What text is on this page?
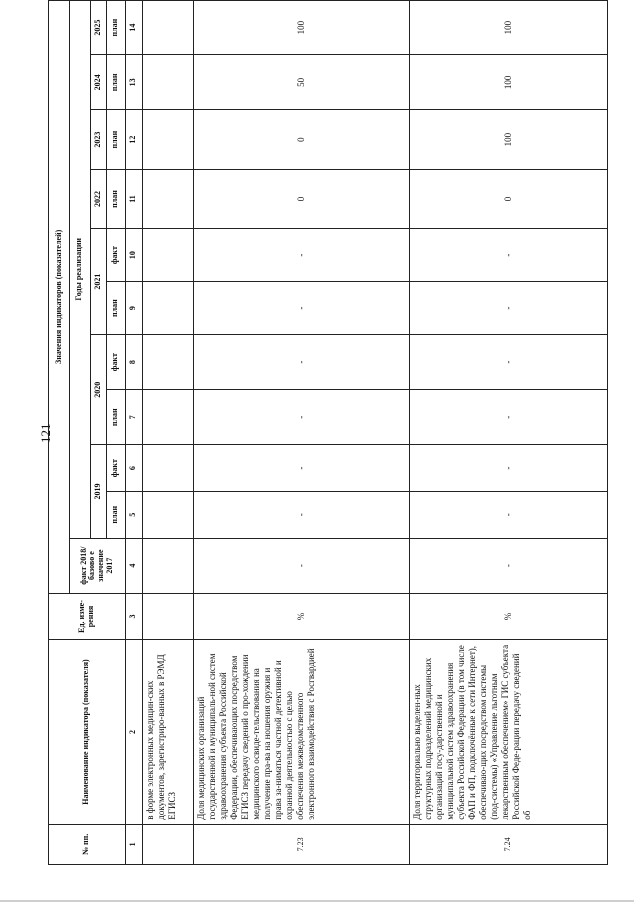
121
№ пп.	Наименование индикатора (показателя)	Ед. изме-рения	Значения индикаторов (показателей)										
			факт 2018/базово е значение 2017	Годы реализации									
				2019		2020		2021		2022	2023	2024	2025
				план	факт	план	факт	план	факт	план	план	план	план
1	2	3	4	5	6	7	8	9	10	11	12	13	14
	в форме электронных медицин-ских документов, зарегистриро-ванных в РЭМД ЕГИСЗ												
7.23	Доля медицинских организаций государственной и муниципаль-ной систем здравоохранения субъекта Российской Федерации, обеспечивающих посредством ЕГИСЗ передачу сведений о про-хождении медицинского освиде-тельствования на получение пра-ва на ношения оружия и права за-ниматься частной детективной и охранной деятельностью с целью обеспечения межведомственного электронного взаимодействия с Росгвардией	%	-	-	-	-	-	-	-	0	0	50	100
7.24	Доля территориально выделен-ных структурных подразделений медицинских организаций госу-дарственной и муниципальной систем здравоохранения субъекта Российской Федерации (в том числе ФАП и ФП, подключённые к сети Интернет), обеспечиваю-щих посредством системы (под-системы) «Управление льготным лекарственным обеспечением» ГИС субъекта Российской Феде-рации передачу сведений об	%	-	-	-	-	-	-	-	0	100	100	100
